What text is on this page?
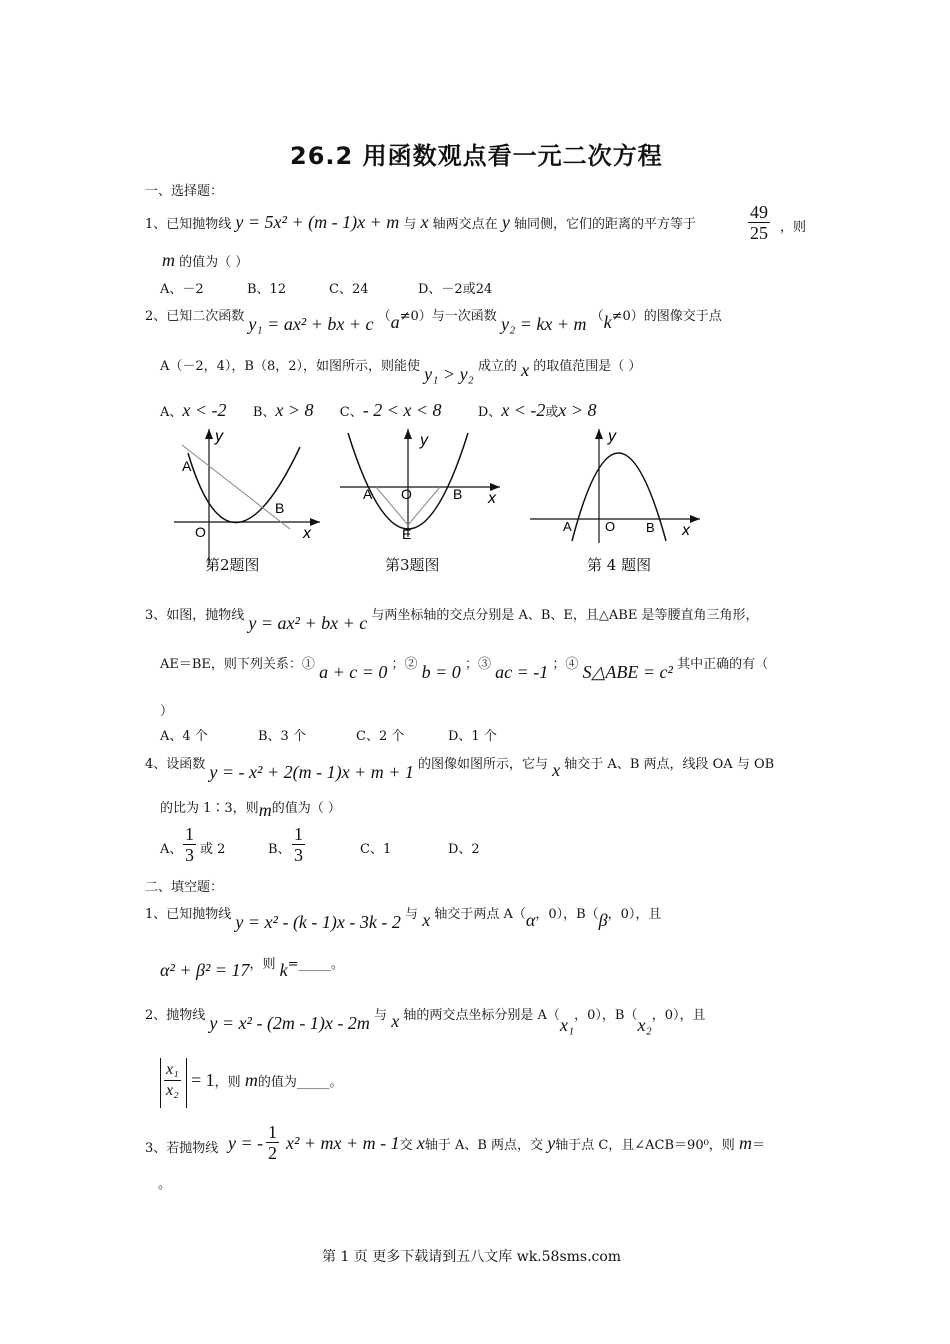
26.2 用函数观点看一元二次方程
一、选择题：
1、已知抛物线 y = 5x² + (m - 1)x + m 与 x 轴两交点在 y 轴同侧，它们的距离的平方等于	$\frac{49}{25}$ ，则
m 的值为（ ）
A、－2	B、12	C、24	D、－2或24
2、已知二次函数 y₁ = ax² + bx + c （a≠0）与一次函数 y₂ = kx + m （k≠0）的图像交于点
A（－2，4），B（8，2），如图所示，则能使 y₁ > y₂ 成立的 x 的取值范围是（ ）
A、x < -2 B、x > 8 C、- 2 < x < 8	D、x < -2或x > 8
A
B
O	x
y
第2题图
A O	B
E
x
y
第3题图
A	O B x
y
第 4 题图
3、如图，抛物线 y = ax² + bx + c 与两坐标轴的交点分别是 A、B、E，且△ABE 是等腰直角三角形，
AE＝BE，则下列关系：① a + c = 0 ；② b = 0 ；③ ac = -1 ；④ S△ABE = c² 其中正确的有（
）
A、4 个	B、3 个	C、2 个	D、1 个
4、设函数 y = - x² + 2(m - 1)x + m + 1 的图像如图所示，它与 x 轴交于 A、B 两点，线段 OA 与 OB
的比为 1∶3，则m的值为（ ）
A、 $\frac{1}{3}$ 或 2	B、 $\frac{1}{3}$	C、1	D、2
二、填空题：
1、已知抛物线 y = x² - (k - 1)x - 3k - 2 与 x 轴交于两点 A（α，0），B（β，0），且
α² + β² = 17，则 k=_____。
2、抛物线 y = x² - (2m - 1)x - 2m 与 x 轴的两交点坐标分别是 A（x₁，0），B（x₂，0），且
$\frac{\text{x₁}}{\text{x₂}} = 1$，则 m的值为_____。
3、若抛物线 y = - $\frac{1}{2} x^2$ + mx + m - 1交 x轴于 A、B 两点，交 y轴于点 C，且∠ACB＝90⁰，则 m＝
。
第 1 页 更多下载请到五八文库 wk.58sms.com
